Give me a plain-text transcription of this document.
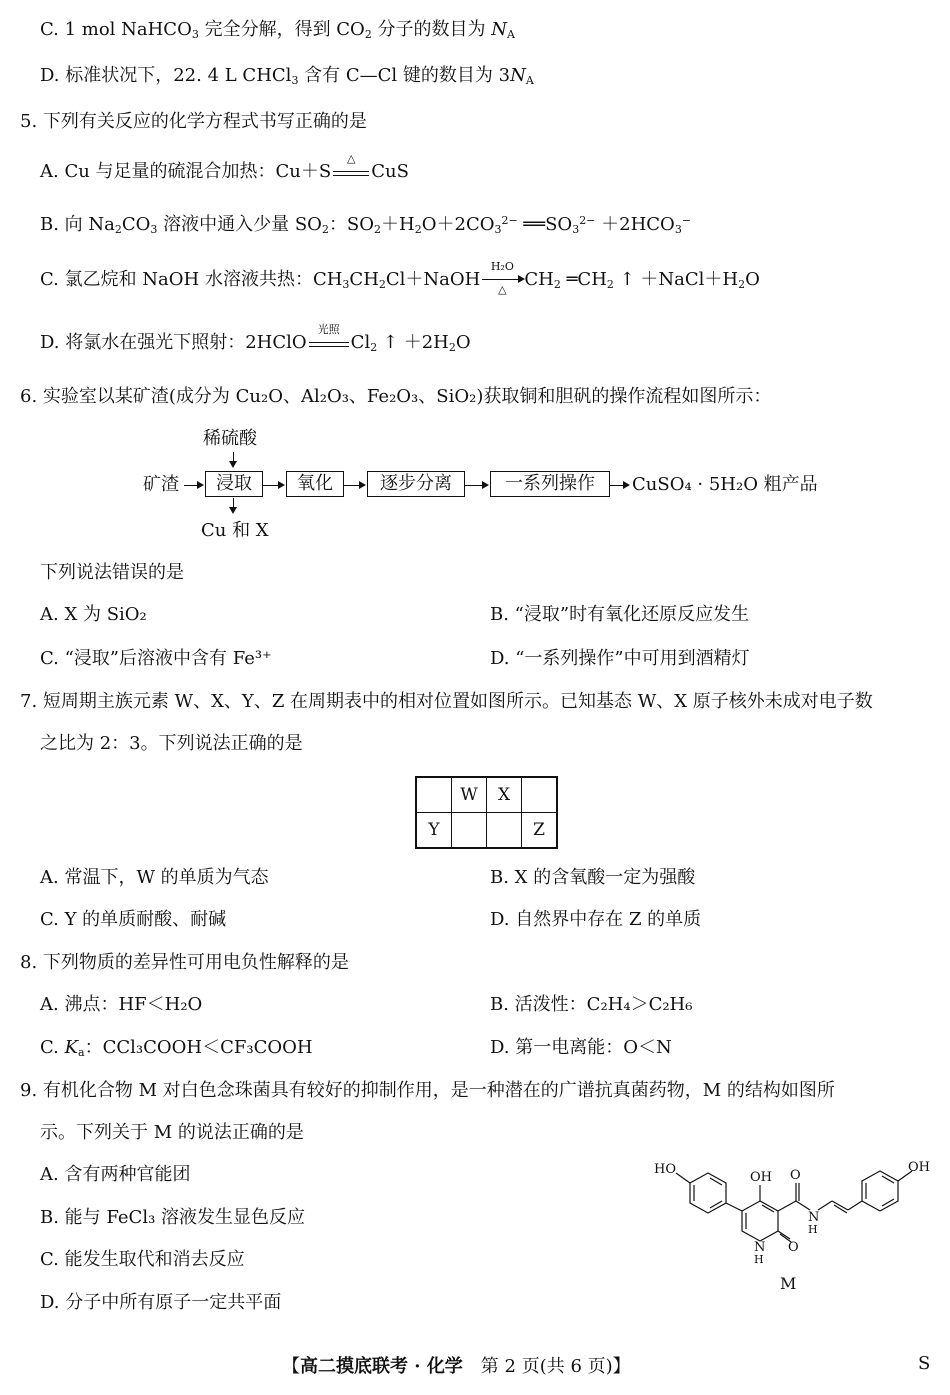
C. 1 mol NaHCO$_3$ 完全分解，得到 $CO_2$ 分子的数目为 $N_A$
D. 标准状况下，22. 4 L CHCl$_3$ 含有 C—Cl 键的数目为 $3N_A$
5. 下列有关反应的化学方程式书写正确的是
A. Cu 与足量的硫混合加热：Cu＋S
△
CuS
B. 向 $Na_2CO_3$ 溶液中通入少量 $SO_2$：$SO_2+H_2O+2CO_3^{2-}$ $══SO_3^{2-} +2HCO_3^-$
C. 氯乙烷和 NaOH 水溶液共热：$CH_3CH_2Cl+NaOH$
H₂O
△ $CH_2$ $═CH_2$ ↑ $+NaCl+H_2O$
D. 将氯水在强光下照射：2HClO
光照
$Cl_2$ ↑ $+2H_2O$
6. 实验室以某矿渣(成分为 Cu₂O、Al₂O₃、Fe₂O₃、SiO₂)获取铜和胆矾的操作流程如图所示：
稀硫酸
矿渣	浸取	氧化	逐步分离	一系列操作	CuSO₄ · 5H₂O 粗产品
Cu 和 X
下列说法错误的是
A. X 为 SiO₂	B. “浸取”时有氧化还原反应发生
C. “浸取”后溶液中含有 Fe³⁺	D. “一系列操作”中可用到酒精灯
7. 短周期主族元素 W、X、Y、Z 在周期表中的相对位置如图所示。已知基态 W、X 原子核外未成对电子数
之比为 2：3。下列说法正确的是
	W	X	
Y			Z
A. 常温下，W 的单质为气态	B. X 的含氧酸一定为强酸
C. Y 的单质耐酸、耐碱	D. 自然界中存在 Z 的单质
8. 下列物质的差异性可用电负性解释的是
A. 沸点：HF＜H₂O	B. 活泼性：C₂H₄＞C₂H₆
C. $K_a$：CCl₃COOH＜CF₃COOH	D. 第一电离能：O＜N
9. 有机化合物 M 对白色念珠菌具有较好的抑制作用，是一种潜在的广谱抗真菌药物，M 的结构如图所
示。下列关于 M 的说法正确的是
A. 含有两种官能团
B. 能与 FeCl₃ 溶液发生显色反应
C. 能发生取代和消去反应
D. 分子中所有原子一定共平面
HO	OH
OH O
N
H
N
H
O
M
【高二摸底联考 · 化学　第 2 页(共 6 页)】	S
